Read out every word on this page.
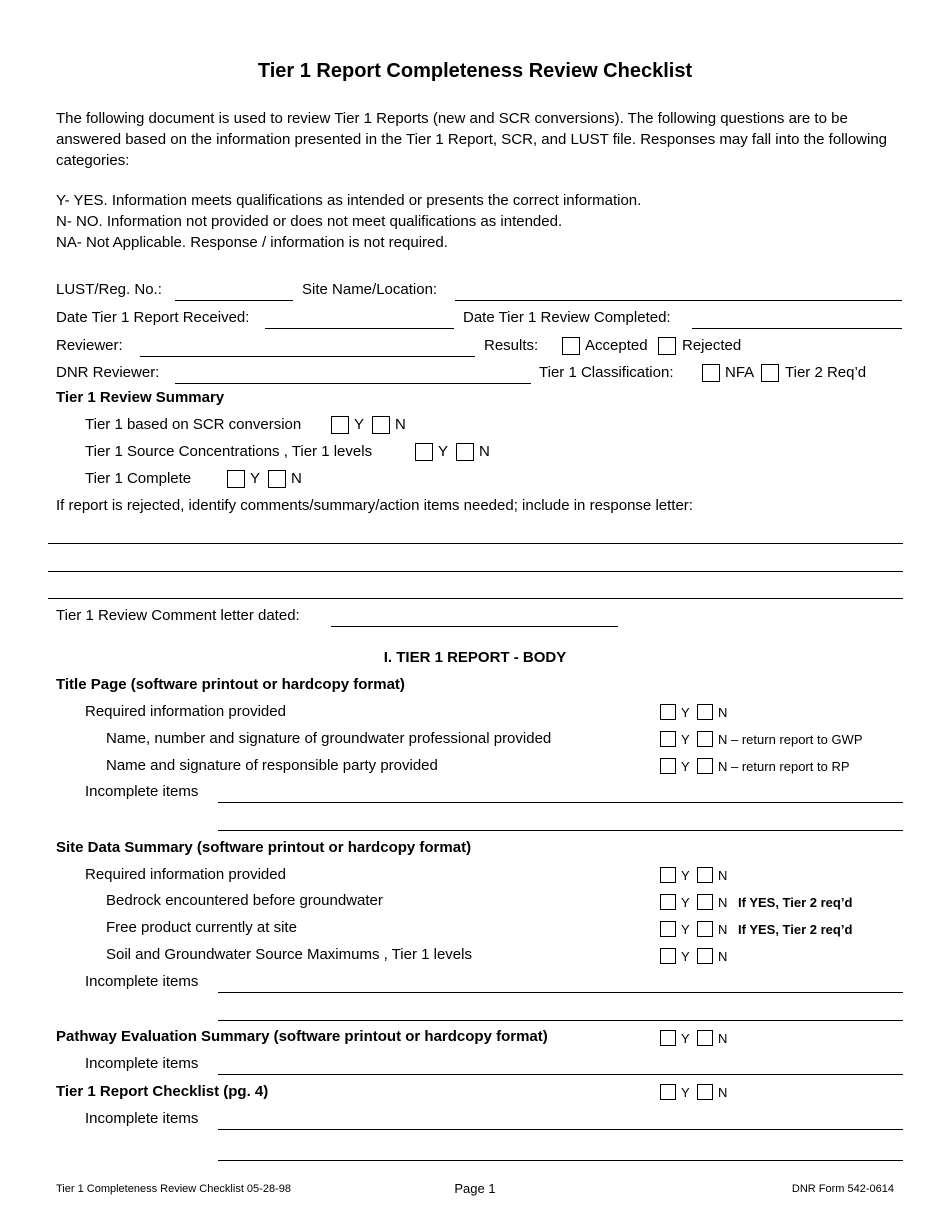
Tier 1 Report Completeness Review Checklist
The following document is used to review Tier 1 Reports (new and SCR conversions). The following questions are to be answered based on the information presented in the Tier 1 Report, SCR, and LUST file. Responses may fall into the following categories:
Y- YES. Information meets qualifications as intended or presents the correct information.
N- NO. Information not provided or does not meet qualifications as intended.
NA- Not Applicable. Response / information is not required.
LUST/Reg. No.:	Site Name/Location:
Date Tier 1 Report Received:	Date Tier 1 Review Completed:
Reviewer:	Results:	Accepted Rejected
DNR Reviewer:	Tier 1 Classification:	NFA Tier 2 Req’d
Tier 1 Review Summary
Tier 1 based on SCR conversion	Y N
Tier 1 Source Concentrations , Tier 1 levels	Y N
Tier 1 Complete	Y N
If report is rejected, identify comments/summary/action items needed; include in response letter:
Tier 1 Review Comment letter dated:
I. TIER 1 REPORT - BODY
Title Page (software printout or hardcopy format)
Required information provided	Y N
Name, number and signature of groundwater professional provided	Y N – return report to GWP
Name and signature of responsible party provided	Y N – return report to RP
Incomplete items
Site Data Summary (software printout or hardcopy format)
Required information provided	Y N
Bedrock encountered before groundwater	Y N If YES, Tier 2 req’d
Free product currently at site	Y N If YES, Tier 2 req’d
Soil and Groundwater Source Maximums , Tier 1 levels	Y N
Incomplete items
Pathway Evaluation Summary (software printout or hardcopy format)	Y N
Incomplete items
Tier 1 Report Checklist (pg. 4)	Y N
Incomplete items
Tier 1 Completeness Review Checklist 05-28-98	Page 1	DNR Form 542-0614
